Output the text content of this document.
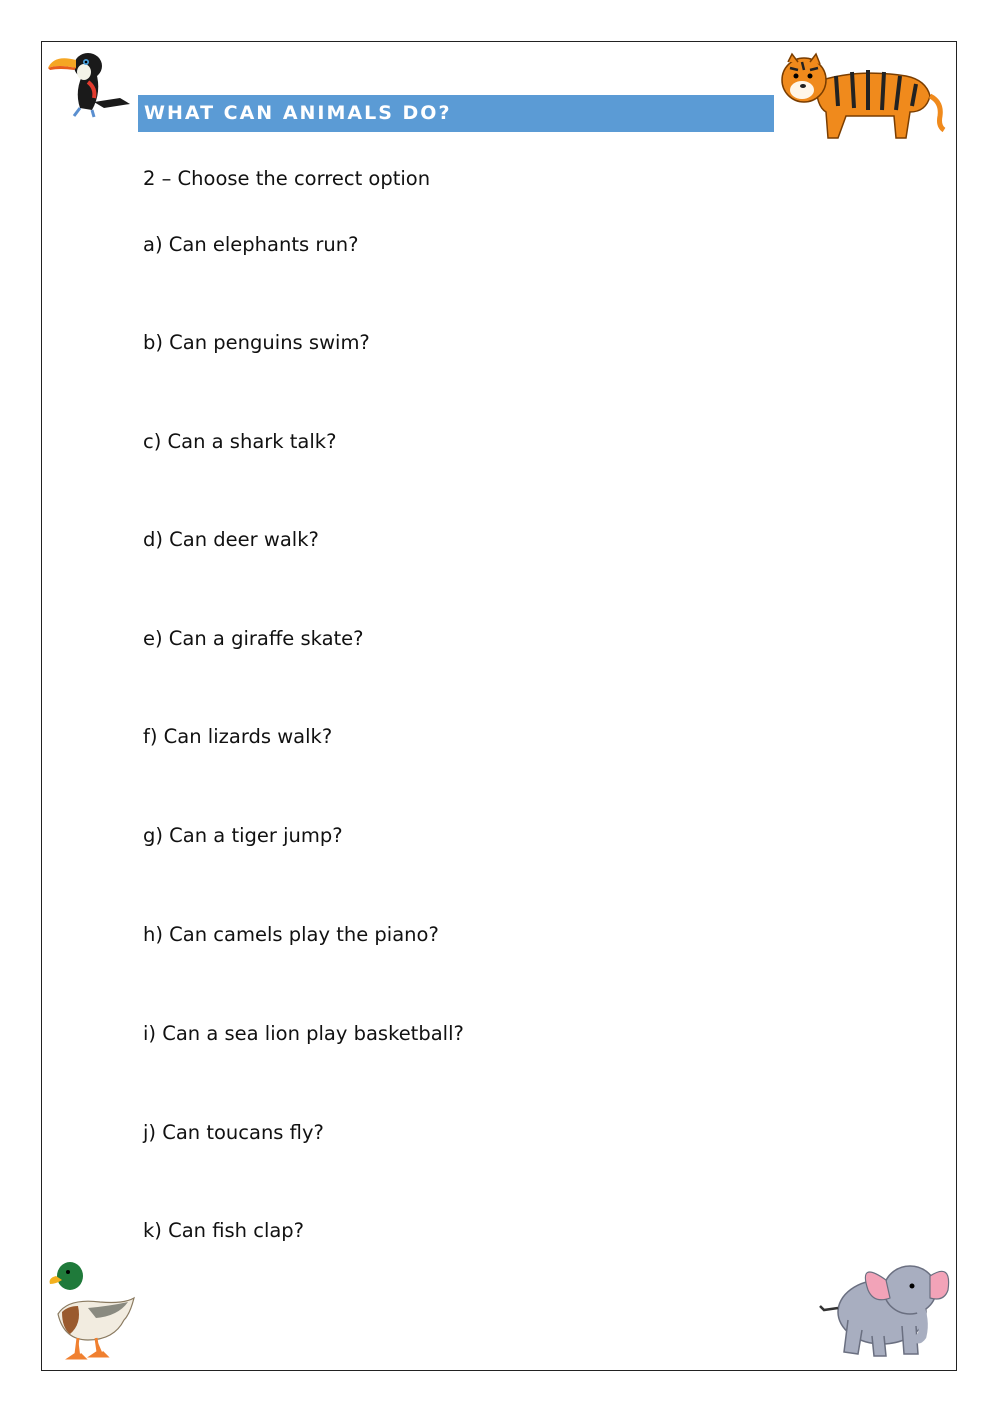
WHAT CAN ANIMALS DO?
2 – Choose the correct option
a) Can elephants run?
b) Can penguins swim?
c) Can a shark talk?
d) Can deer walk?
e) Can a giraffe skate?
f) Can lizards walk?
g) Can a tiger jump?
h) Can camels play the piano?
i) Can a sea lion play basketball?
j) Can toucans fly?
k) Can fish clap?
